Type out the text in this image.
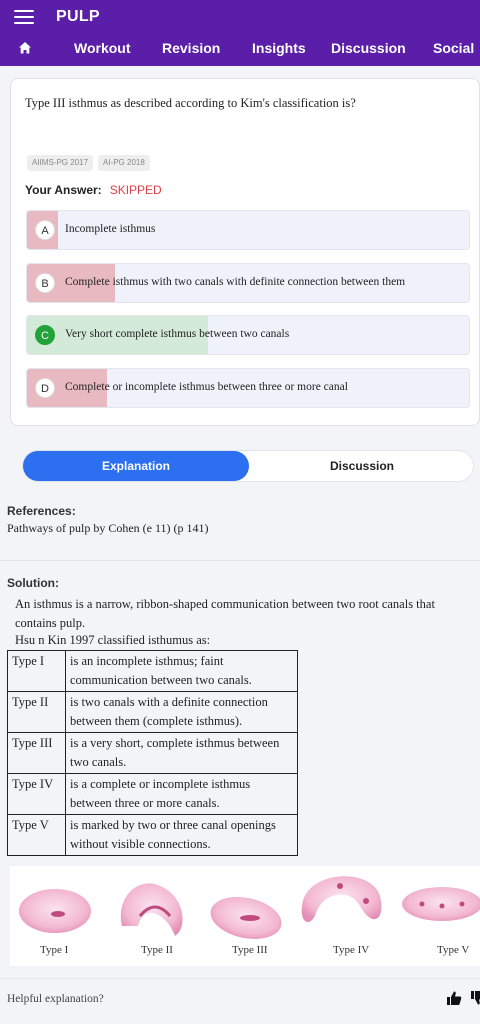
PULP
Workout Revision Insights Discussion Social
Type III isthmus as described according to Kim's classification is?
AIIMS-PG 2017	AI-PG 2018
Your Answer: SKIPPED
A	Incomplete isthmus
B	Complete isthmus with two canals with definite connection between them
C	Very short complete isthmus between two canals
D	Complete or incomplete isthmus between three or more canal
Explanation	Discussion
References:
Pathways of pulp by Cohen (e 11) (p 141)
Solution:
An isthmus is a narrow, ribbon-shaped communication between two root canals that contains pulp.
Hsu n Kin 1997 classified isthumus as:
Type I	is an incomplete isthmus; faint communication between two canals.
Type II	is two canals with a definite connection between them (complete isthmus).
Type III	is a very short, complete isthmus between two canals.
Type IV	is a complete or incomplete isthmus between three or more canals.
Type V	is marked by two or three canal openings without visible connections.
Type I	Type II	Type III	Type IV	Type V
Helpful explanation?
